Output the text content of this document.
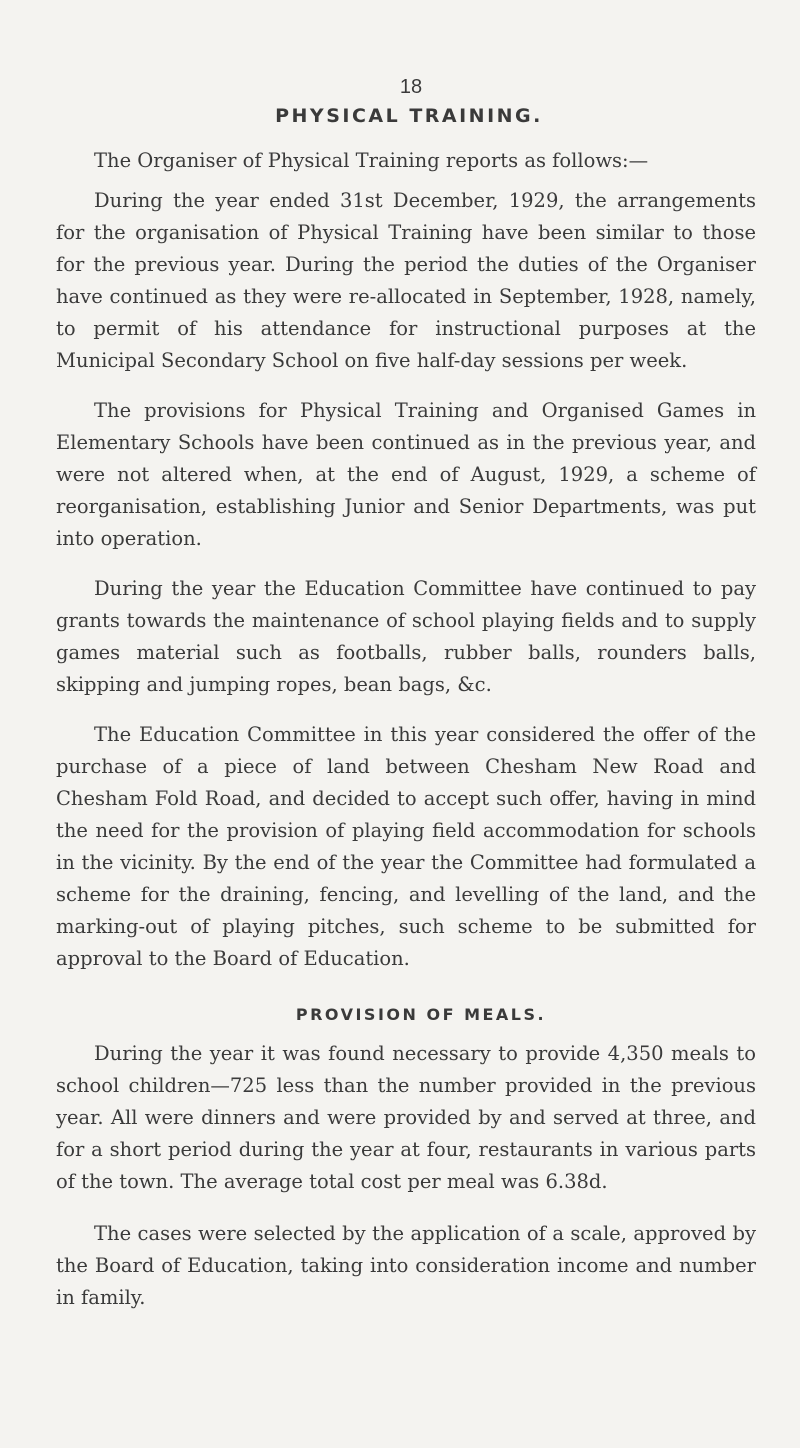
18
PHYSICAL TRAINING.

The Organiser of Physical Training reports as follows:—

During the year ended 31st December, 1929, the arrangements for the organisation of Physical Training have been similar to those for the previous year. During the period the duties of the Organiser have continued as they were re-allocated in September, 1928, namely, to permit of his attendance for instructional purposes at the Municipal Secondary School on five half-day sessions per week.

The provisions for Physical Training and Organised Games in Elementary Schools have been continued as in the previous year, and were not altered when, at the end of August, 1929, a scheme of reorganisation, establishing Junior and Senior Departments, was put into operation.

During the year the Education Committee have continued to pay grants towards the maintenance of school playing fields and to supply games material such as footballs, rubber balls, rounders balls, skipping and jumping ropes, bean bags, &c.

The Education Committee in this year considered the offer of the purchase of a piece of land between Chesham New Road and Chesham Fold Road, and decided to accept such offer, having in mind the need for the provision of playing field accommodation for schools in the vicinity. By the end of the year the Committee had formulated a scheme for the draining, fencing, and levelling of the land, and the marking-out of playing pitches, such scheme to be submitted for approval to the Board of Education.

PROVISION OF MEALS.

During the year it was found necessary to provide 4,350 meals to school children—725 less than the number provided in the previous year. All were dinners and were provided by and served at three, and for a short period during the year at four, restaurants in various parts of the town. The average total cost per meal was 6.38d.

The cases were selected by the application of a scale, approved by the Board of Education, taking into consideration income and number in family.
